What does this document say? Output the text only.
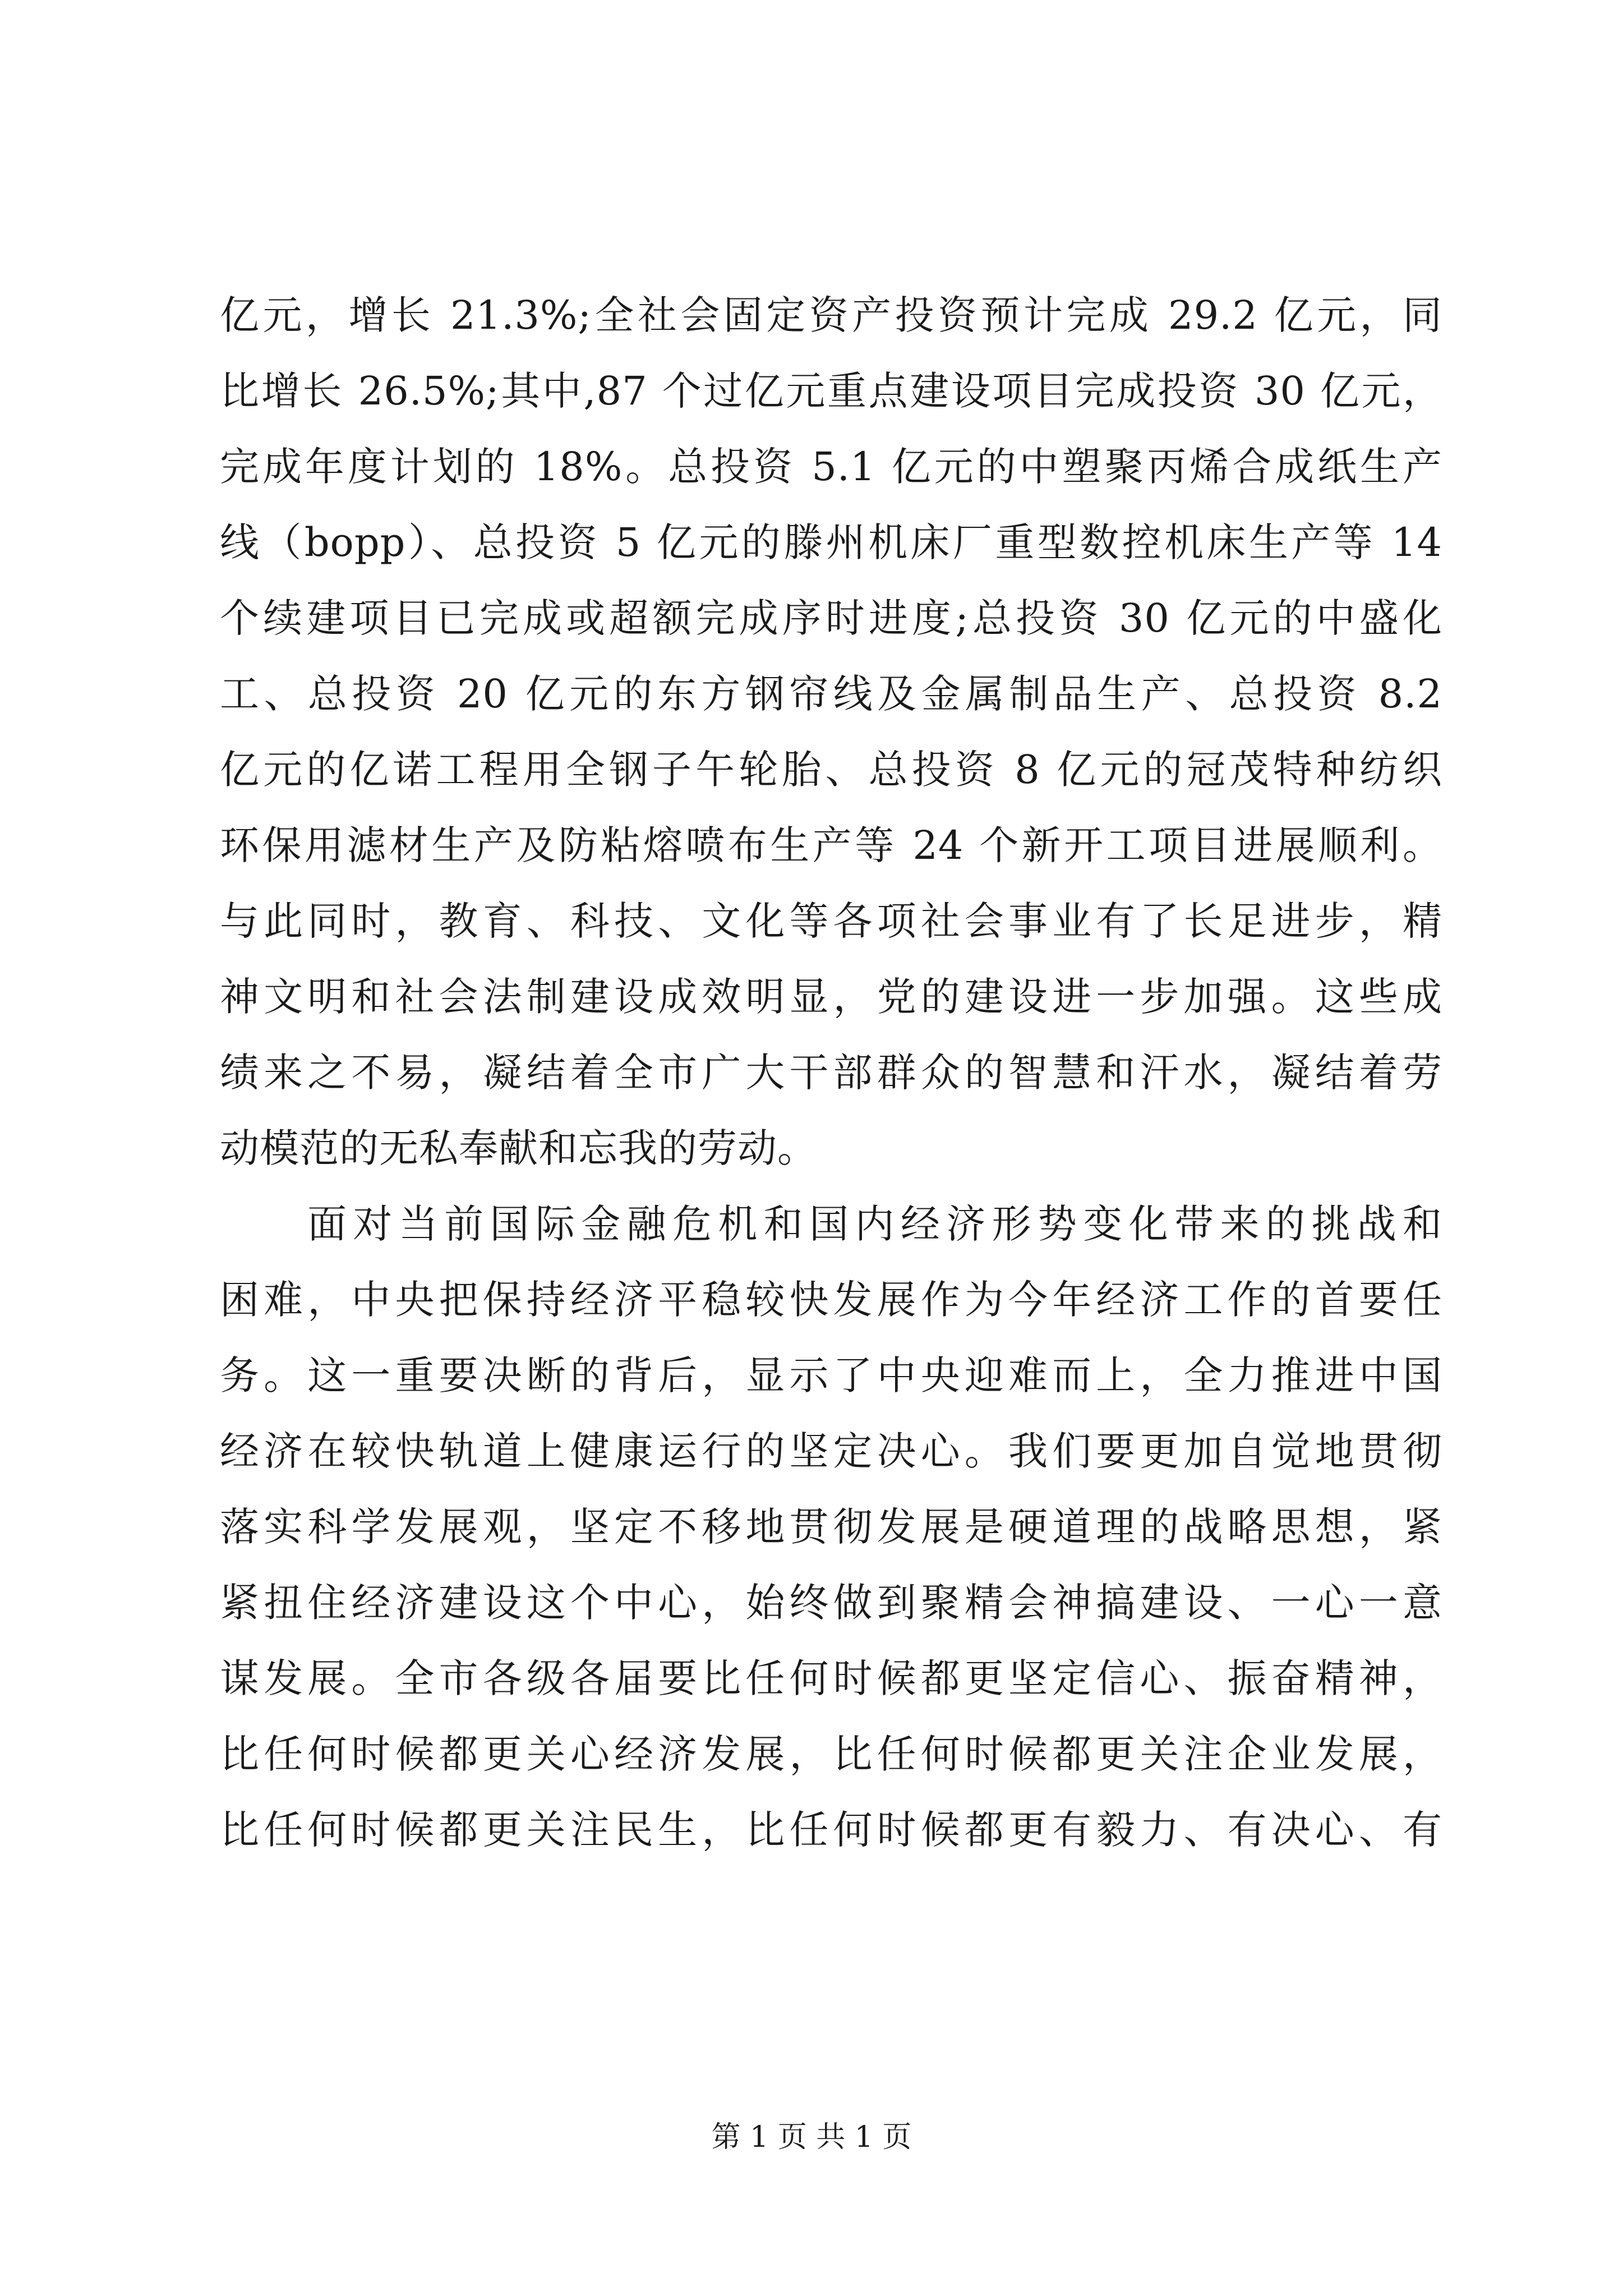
亿元，增长 21.3%;全社会固定资产投资预计完成 29.2 亿元，同
比增长 26.5%;其中,87 个过亿元重点建设项目完成投资 30 亿元，
完成年度计划的 18%。总投资 5.1 亿元的中塑聚丙烯合成纸生产
线（bopp）、总投资 5 亿元的滕州机床厂重型数控机床生产等 14
个续建项目已完成或超额完成序时进度;总投资 30 亿元的中盛化
工、总投资 20 亿元的东方钢帘线及金属制品生产、总投资 8.2
亿元的亿诺工程用全钢子午轮胎、总投资 8 亿元的冠茂特种纺织
环保用滤材生产及防粘熔喷布生产等 24 个新开工项目进展顺利。
与此同时，教育、科技、文化等各项社会事业有了长足进步，精
神文明和社会法制建设成效明显，党的建设进一步加强。这些成
绩来之不易，凝结着全市广大干部群众的智慧和汗水，凝结着劳
动模范的无私奉献和忘我的劳动。
面对当前国际金融危机和国内经济形势变化带来的挑战和
困难，中央把保持经济平稳较快发展作为今年经济工作的首要任
务。这一重要决断的背后，显示了中央迎难而上，全力推进中国
经济在较快轨道上健康运行的坚定决心。我们要更加自觉地贯彻
落实科学发展观，坚定不移地贯彻发展是硬道理的战略思想，紧
紧扭住经济建设这个中心，始终做到聚精会神搞建设、一心一意
谋发展。全市各级各届要比任何时候都更坚定信心、振奋精神，
比任何时候都更关心经济发展，比任何时候都更关注企业发展，
比任何时候都更关注民生，比任何时候都更有毅力、有决心、有
第 1 页 共 1 页
